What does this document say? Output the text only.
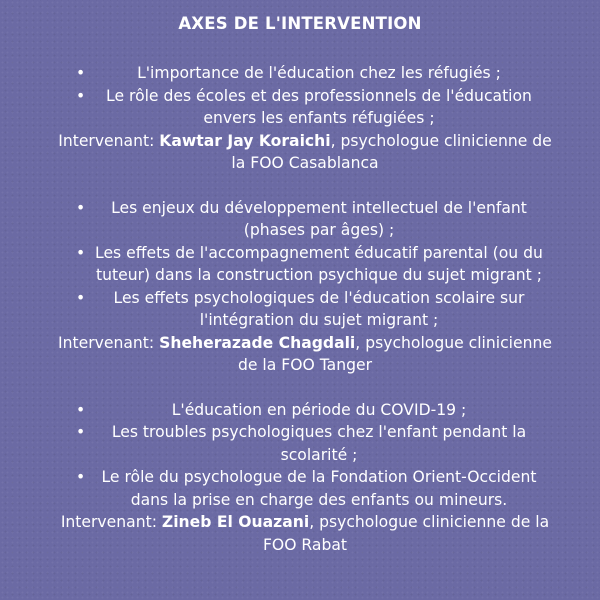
AXES DE L'INTERVENTION
•	L'importance de l'éducation chez les réfugiés ;
• Le rôle des écoles et des professionnels de l'éducation envers les enfants réfugiées ;
Intervenant: Kawtar Jay Koraichi, psychologue clinicienne de la FOO Casablanca
• Les enjeux du développement intellectuel de l'enfant (phases par âges) ;
• Les effets de l'accompagnement éducatif parental (ou du tuteur) dans la construction psychique du sujet migrant ;
• Les effets psychologiques de l'éducation scolaire sur l'intégration du sujet migrant ;
Intervenant: Sheherazade Chagdali, psychologue clinicienne de la FOO Tanger
•	L'éducation en période du COVID-19 ;
• Les troubles psychologiques chez l'enfant pendant la scolarité ;
• Le rôle du psychologue de la Fondation Orient-Occident dans la prise en charge des enfants ou mineurs.
Intervenant: Zineb El Ouazani, psychologue clinicienne de la FOO Rabat
